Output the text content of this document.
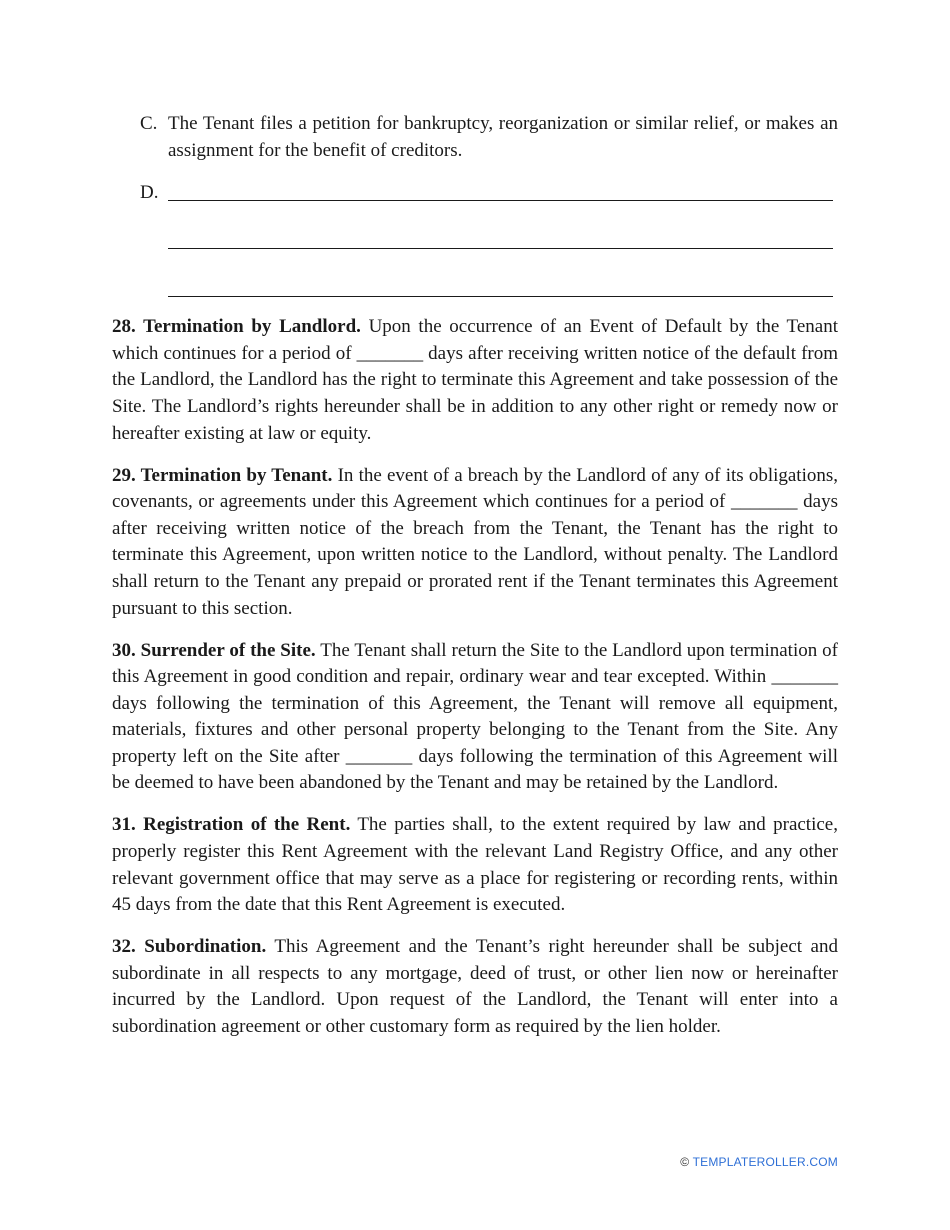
C. The Tenant files a petition for bankruptcy, reorganization or similar relief, or makes an assignment for the benefit of creditors.
D.

28. Termination by Landlord. Upon the occurrence of an Event of Default by the Tenant which continues for a period of _______ days after receiving written notice of the default from the Landlord, the Landlord has the right to terminate this Agreement and take possession of the Site. The Landlord’s rights hereunder shall be in addition to any other right or remedy now or hereafter existing at law or equity.

29. Termination by Tenant. In the event of a breach by the Landlord of any of its obligations, covenants, or agreements under this Agreement which continues for a period of _______ days after receiving written notice of the breach from the Tenant, the Tenant has the right to terminate this Agreement, upon written notice to the Landlord, without penalty. The Landlord shall return to the Tenant any prepaid or prorated rent if the Tenant terminates this Agreement pursuant to this section.

30. Surrender of the Site. The Tenant shall return the Site to the Landlord upon termination of this Agreement in good condition and repair, ordinary wear and tear excepted. Within _______ days following the termination of this Agreement, the Tenant will remove all equipment, materials, fixtures and other personal property belonging to the Tenant from the Site. Any property left on the Site after _______ days following the termination of this Agreement will be deemed to have been abandoned by the Tenant and may be retained by the Landlord.

31. Registration of the Rent. The parties shall, to the extent required by law and practice, properly register this Rent Agreement with the relevant Land Registry Office, and any other relevant government office that may serve as a place for registering or recording rents, within 45 days from the date that this Rent Agreement is executed.

32. Subordination. This Agreement and the Tenant’s right hereunder shall be subject and subordinate in all respects to any mortgage, deed of trust, or other lien now or hereinafter incurred by the Landlord. Upon request of the Landlord, the Tenant will enter into a subordination agreement or other customary form as required by the lien holder.

© TEMPLATEROLLER.COM
